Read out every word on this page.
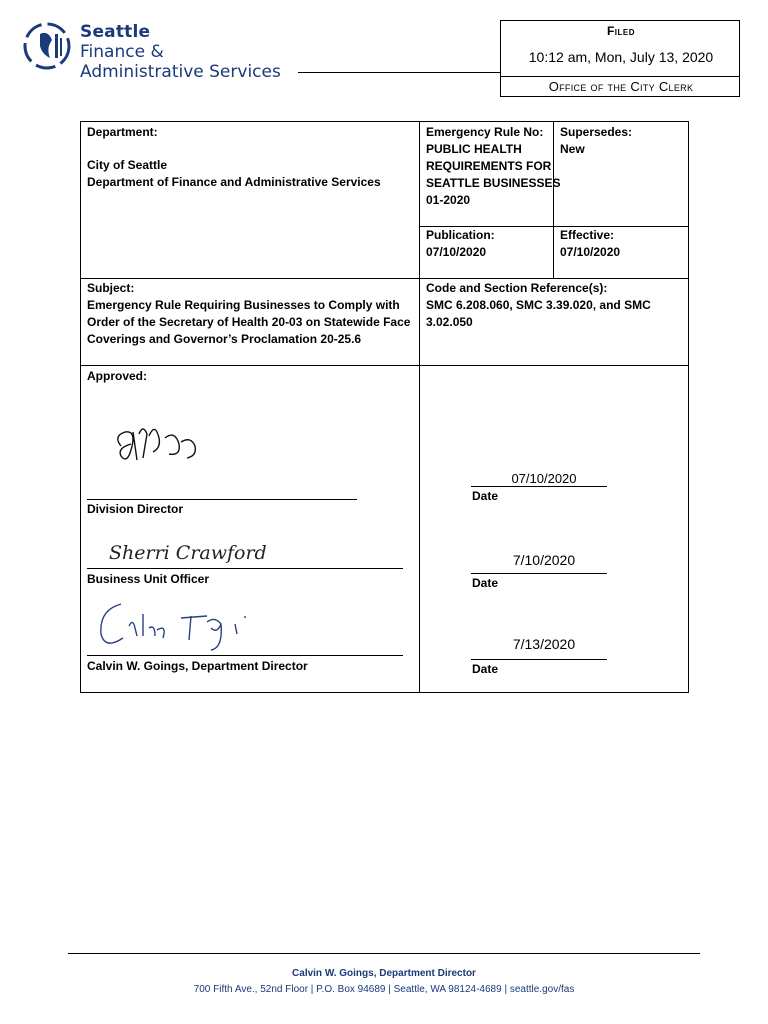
Seattle
Finance &
Administrative Services
Filed
10:12 am, Mon, July 13, 2020
Office of the City Clerk
Department:
City of Seattle
Department of Finance and Administrative Services
Emergency Rule No:
PUBLIC HEALTH
REQUIREMENTS FOR
SEATTLE BUSINESSES
01-2020
Supersedes:
New
Publication:
07/10/2020
Effective:
07/10/2020
Subject:
Emergency Rule Requiring Businesses to Comply with
Order of the Secretary of Health 20-03 on Statewide Face
Coverings and Governor’s Proclamation 20-25.6
Code and Section Reference(s):
SMC 6.208.060, SMC 3.39.020, and SMC
3.02.050
Approved:
Division Director
Sherri Crawford
Business Unit Officer
Calvin W. Goings, Department Director
07/10/2020
Date
7/10/2020
Date
7/13/2020
Date
Calvin W. Goings, Department Director
700 Fifth Ave., 52nd Floor | P.O. Box 94689 | Seattle, WA 98124-4689 | seattle.gov/fas
